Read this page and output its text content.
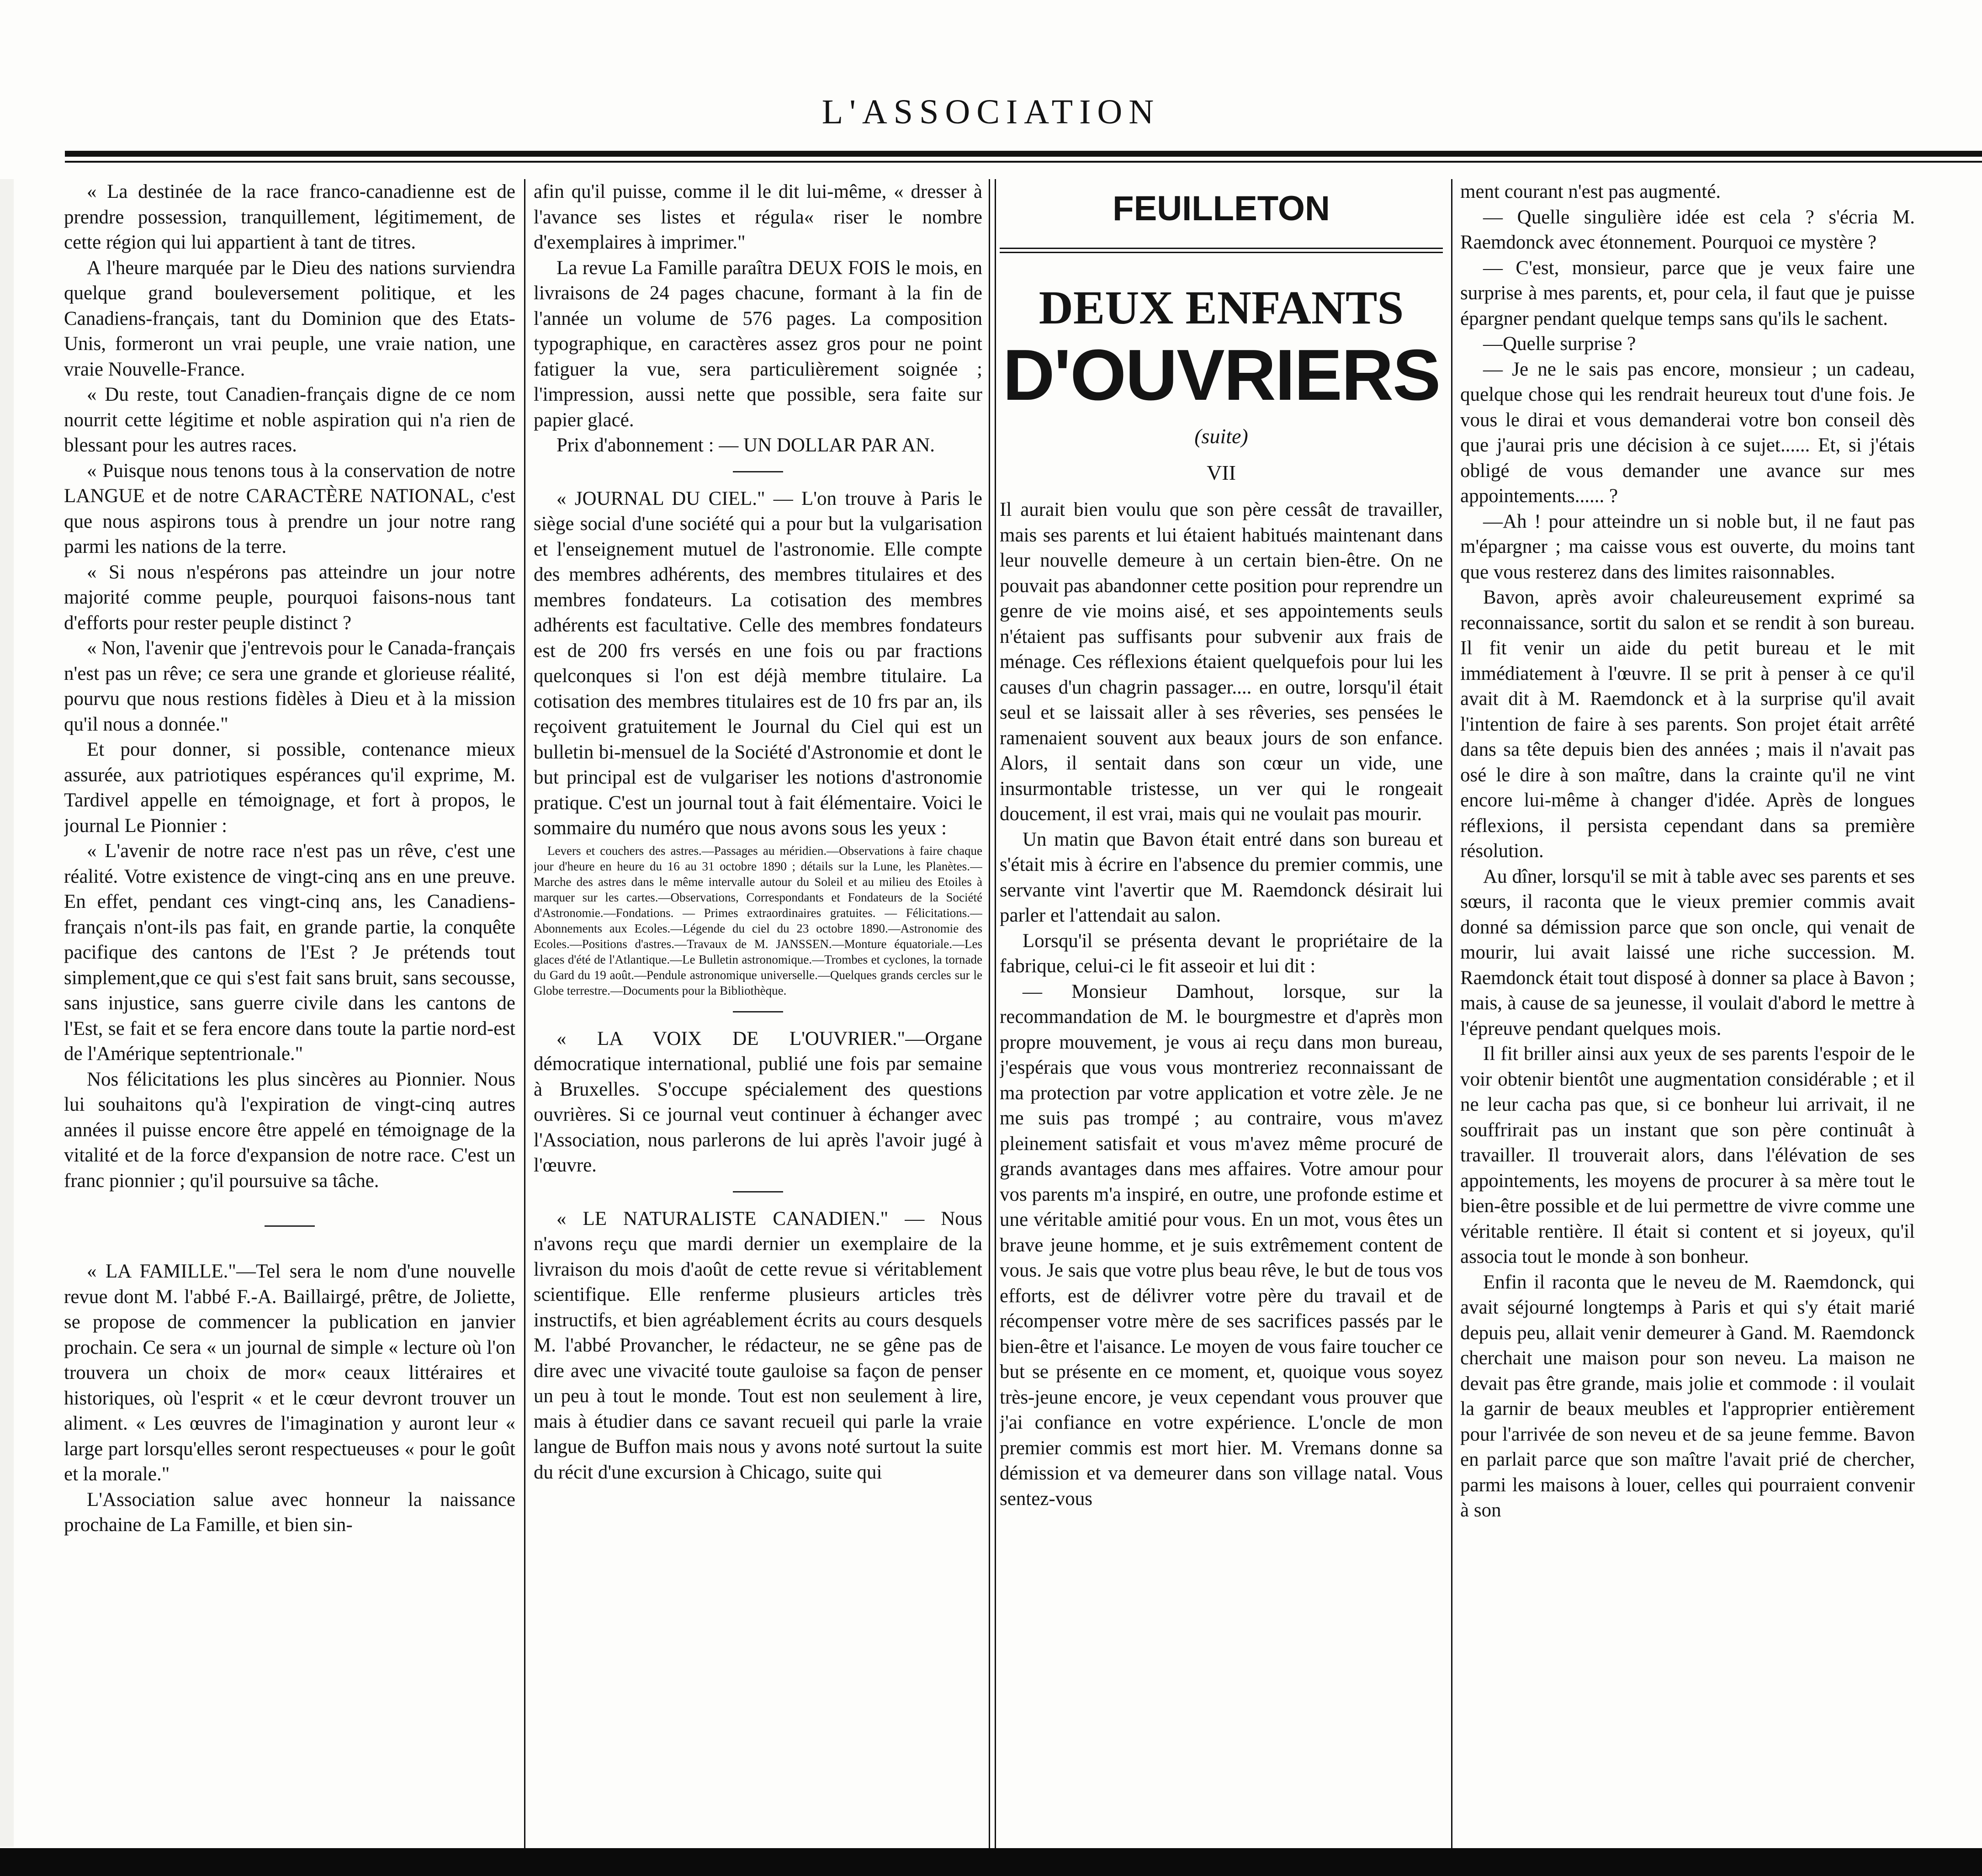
L'ASSOCIATION

« La destinée de la race franco-canadienne est de prendre possession, tranquillement, légitimement, de cette région qui lui appartient à tant de titres.

A l'heure marquée par le Dieu des nations surviendra quelque grand bouleversement politique, et les Canadiens-français, tant du Dominion que des Etats-Unis, formeront un vrai peuple, une vraie nation, une vraie Nouvelle-France.

« Du reste, tout Canadien-français digne de ce nom nourrit cette légitime et noble aspiration qui n'a rien de blessant pour les autres races.

« Puisque nous tenons tous à la conservation de notre LANGUE et de notre CARACTÈRE NATIONAL, c'est que nous aspirons tous à prendre un jour notre rang parmi les nations de la terre.

« Si nous n'espérons pas atteindre un jour notre majorité comme peuple, pourquoi faisons-nous tant d'efforts pour rester peuple distinct ?

« Non, l'avenir que j'entrevois pour le Canada-français n'est pas un rêve; ce sera une grande et glorieuse réalité, pourvu que nous restions fidèles à Dieu et à la mission qu'il nous a donnée."

Et pour donner, si possible, contenance mieux assurée, aux patriotiques espérances qu'il exprime, M. Tardivel appelle en témoignage, et fort à propos, le journal Le Pionnier :

« L'avenir de notre race n'est pas un rêve, c'est une réalité. Votre existence de vingt-cinq ans en une preuve. En effet, pendant ces vingt-cinq ans, les Canadiens-français n'ont-ils pas fait, en grande partie, la conquête pacifique des cantons de l'Est ? Je prétends tout simplement,que ce qui s'est fait sans bruit, sans secousse, sans injustice, sans guerre civile dans les cantons de l'Est, se fait et se fera encore dans toute la partie nord-est de l'Amérique septentrionale."

Nos félicitations les plus sincères au Pionnier. Nous lui souhaitons qu'à l'expiration de vingt-cinq autres années il puisse encore être appelé en témoignage de la vitalité et de la force d'expansion de notre race. C'est un franc pionnier ; qu'il poursuive sa tâche.

« LA FAMILLE."—Tel sera le nom d'une nouvelle revue dont M. l'abbé F.-A. Baillairgé, prêtre, de Joliette, se propose de commencer la publication en janvier prochain. Ce sera « un journal de simple « lecture où l'on trouvera un choix de mor« ceaux littéraires et historiques, où l'esprit « et le cœur devront trouver un aliment. « Les œuvres de l'imagination y auront leur « large part lorsqu'elles seront respectueuses « pour le goût et la morale."

L'Association salue avec honneur la naissance prochaine de La Famille, et bien sin-

afin qu'il puisse, comme il le dit lui-même, « dresser à l'avance ses listes et régula« riser le nombre d'exemplaires à imprimer."

La revue La Famille paraîtra DEUX FOIS le mois, en livraisons de 24 pages chacune, formant à la fin de l'année un volume de 576 pages. La composition typographique, en caractères assez gros pour ne point fatiguer la vue, sera particulièrement soignée ; l'impression, aussi nette que possible, sera faite sur papier glacé.

Prix d'abonnement : — UN DOLLAR PAR AN.

« JOURNAL DU CIEL." — L'on trouve à Paris le siège social d'une société qui a pour but la vulgarisation et l'enseignement mutuel de l'astronomie. Elle compte des membres adhérents, des membres titulaires et des membres fondateurs. La cotisation des membres adhérents est facultative. Celle des membres fondateurs est de 200 frs versés en une fois ou par fractions quelconques si l'on est déjà membre titulaire. La cotisation des membres titulaires est de 10 frs par an, ils reçoivent gratuitement le Journal du Ciel qui est un bulletin bi-mensuel de la Société d'Astronomie et dont le but principal est de vulgariser les notions d'astronomie pratique. C'est un journal tout à fait élémentaire. Voici le sommaire du numéro que nous avons sous les yeux :

Levers et couchers des astres.—Passages au méridien.—Observations à faire chaque jour d'heure en heure du 16 au 31 octobre 1890 ; détails sur la Lune, les Planètes.—Marche des astres dans le même intervalle autour du Soleil et au milieu des Etoiles à marquer sur les cartes.—Observations, Correspondants et Fondateurs de la Société d'Astronomie.—Fondations. — Primes extraordinaires gratuites. — Félicitations.—Abonnements aux Ecoles.—Légende du ciel du 23 octobre 1890.—Astronomie des Ecoles.—Positions d'astres.—Travaux de M. JANSSEN.—Monture équatoriale.—Les glaces d'été de l'Atlantique.—Le Bulletin astronomique.—Trombes et cyclones, la tornade du Gard du 19 août.—Pendule astronomique universelle.—Quelques grands cercles sur le Globe terrestre.—Documents pour la Bibliothèque.

« LA VOIX DE L'OUVRIER."—Organe démocratique international, publié une fois par semaine à Bruxelles. S'occupe spécialement des questions ouvrières. Si ce journal veut continuer à échanger avec l'Association, nous parlerons de lui après l'avoir jugé à l'œuvre.

« LE NATURALISTE CANADIEN." — Nous n'avons reçu que mardi dernier un exemplaire de la livraison du mois d'août de cette revue si véritablement scientifique. Elle renferme plusieurs articles très instructifs, et bien agréablement écrits au cours desquels M. l'abbé Provancher, le rédacteur, ne se gêne pas de dire avec une vivacité toute gauloise sa façon de penser un peu à tout le monde. Tout est non seulement à lire, mais à étudier dans ce savant recueil qui parle la vraie langue de Buffon mais nous y avons noté surtout la suite du récit d'une excursion à Chicago, suite qui

FEUILLETON
DEUX ENFANTS
D'OUVRIERS
(suite)
VII

Il aurait bien voulu que son père cessât de travailler, mais ses parents et lui étaient habitués maintenant dans leur nouvelle demeure à un certain bien-être. On ne pouvait pas abandonner cette position pour reprendre un genre de vie moins aisé, et ses appointements seuls n'étaient pas suffisants pour subvenir aux frais de ménage. Ces réflexions étaient quelquefois pour lui les causes d'un chagrin passager.... en outre, lorsqu'il était seul et se laissait aller à ses rêveries, ses pensées le ramenaient souvent aux beaux jours de son enfance. Alors, il sentait dans son cœur un vide, une insurmontable tristesse, un ver qui le rongeait doucement, il est vrai, mais qui ne voulait pas mourir.

Un matin que Bavon était entré dans son bureau et s'était mis à écrire en l'absence du premier commis, une servante vint l'avertir que M. Raemdonck désirait lui parler et l'attendait au salon.

Lorsqu'il se présenta devant le propriétaire de la fabrique, celui-ci le fit asseoir et lui dit :

— Monsieur Damhout, lorsque, sur la recommandation de M. le bourgmestre et d'après mon propre mouvement, je vous ai reçu dans mon bureau, j'espérais que vous vous montreriez reconnaissant de ma protection par votre application et votre zèle. Je ne me suis pas trompé ; au contraire, vous m'avez pleinement satisfait et vous m'avez même procuré de grands avantages dans mes affaires. Votre amour pour vos parents m'a inspiré, en outre, une profonde estime et une véritable amitié pour vous. En un mot, vous êtes un brave jeune homme, et je suis extrêmement content de vous. Je sais que votre plus beau rêve, le but de tous vos efforts, est de délivrer votre père du travail et de récompenser votre mère de ses sacrifices passés par le bien-être et l'aisance. Le moyen de vous faire toucher ce but se présente en ce moment, et, quoique vous soyez très-jeune encore, je veux cependant vous prouver que j'ai confiance en votre expérience. L'oncle de mon premier commis est mort hier. M. Vremans donne sa démission et va demeurer dans son village natal. Vous sentez-vous

ment courant n'est pas augmenté.

— Quelle singulière idée est cela ? s'écria M. Raemdonck avec étonnement. Pourquoi ce mystère ?

— C'est, monsieur, parce que je veux faire une surprise à mes parents, et, pour cela, il faut que je puisse épargner pendant quelque temps sans qu'ils le sachent.

—Quelle surprise ?

— Je ne le sais pas encore, monsieur ; un cadeau, quelque chose qui les rendrait heureux tout d'une fois. Je vous le dirai et vous demanderai votre bon conseil dès que j'aurai pris une décision à ce sujet...... Et, si j'étais obligé de vous demander une avance sur mes appointements...... ?

—Ah ! pour atteindre un si noble but, il ne faut pas m'épargner ; ma caisse vous est ouverte, du moins tant que vous resterez dans des limites raisonnables.

Bavon, après avoir chaleureusement exprimé sa reconnaissance, sortit du salon et se rendit à son bureau. Il fit venir un aide du petit bureau et le mit immédiatement à l'œuvre. Il se prit à penser à ce qu'il avait dit à M. Raemdonck et à la surprise qu'il avait l'intention de faire à ses parents. Son projet était arrêté dans sa tête depuis bien des années ; mais il n'avait pas osé le dire à son maître, dans la crainte qu'il ne vint encore lui-même à changer d'idée. Après de longues réflexions, il persista cependant dans sa première résolution.

Au dîner, lorsqu'il se mit à table avec ses parents et ses sœurs, il raconta que le vieux premier commis avait donné sa démission parce que son oncle, qui venait de mourir, lui avait laissé une riche succession. M. Raemdonck était tout disposé à donner sa place à Bavon ; mais, à cause de sa jeunesse, il voulait d'abord le mettre à l'épreuve pendant quelques mois.

Il fit briller ainsi aux yeux de ses parents l'espoir de le voir obtenir bientôt une augmentation considérable ; et il ne leur cacha pas que, si ce bonheur lui arrivait, il ne souffrirait pas un instant que son père continuât à travailler. Il trouverait alors, dans l'élévation de ses appointements, les moyens de procurer à sa mère tout le bien-être possible et de lui permettre de vivre comme une véritable rentière. Il était si content et si joyeux, qu'il associa tout le monde à son bonheur.

Enfin il raconta que le neveu de M. Raemdonck, qui avait séjourné longtemps à Paris et qui s'y était marié depuis peu, allait venir demeurer à Gand. M. Raemdonck cherchait une maison pour son neveu. La maison ne devait pas être grande, mais jolie et commode : il voulait la garnir de beaux meubles et l'approprier entièrement pour l'arrivée de son neveu et de sa jeune femme. Bavon en parlait parce que son maître l'avait prié de chercher, parmi les maisons à louer, celles qui pourraient convenir à son
